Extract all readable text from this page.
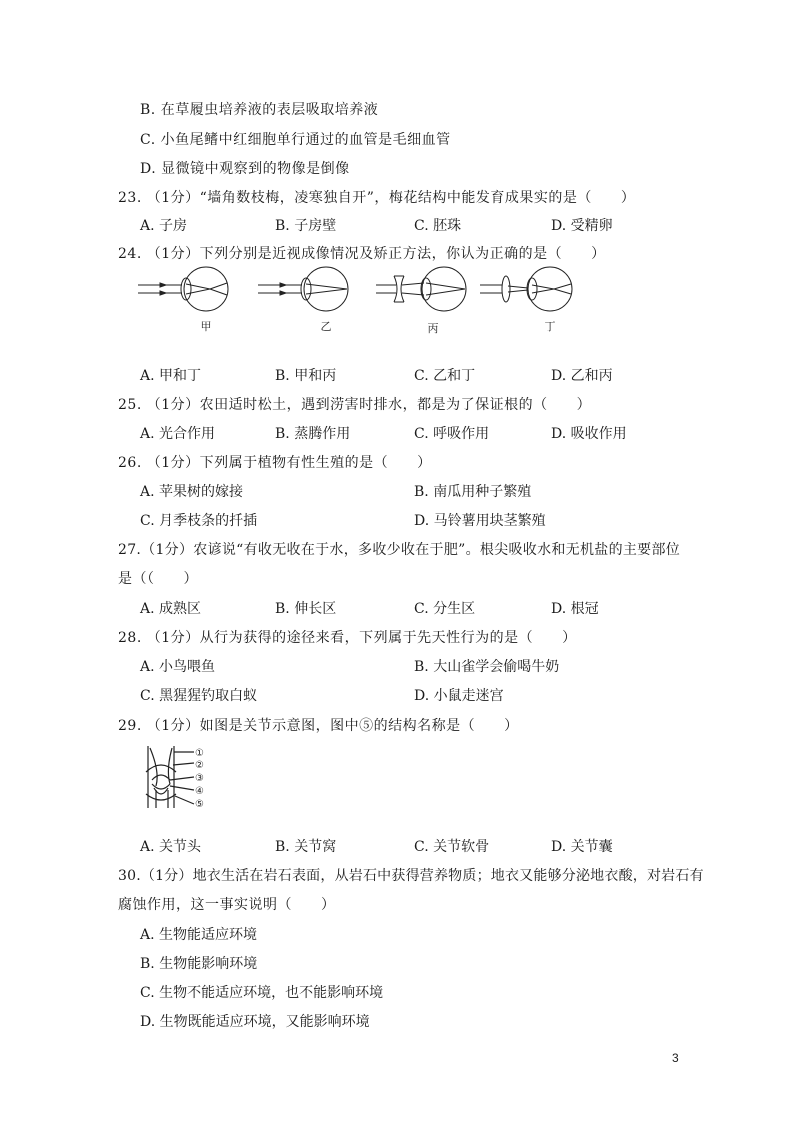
B. 在草履虫培养液的表层吸取培养液
C. 小鱼尾鳍中红细胞单行通过的血管是毛细血管
D. 显微镜中观察到的物像是倒像
23. （1分）“墙角数枝梅，凌寒独自开”，梅花结构中能发育成果实的是（　　）
A. 子房	B. 子房壁	C. 胚珠	D. 受精卵
24. （1分）下列分别是近视成像情况及矫正方法，你认为正确的是（　　）
甲	乙	丙	丁
A. 甲和丁	B. 甲和丙	C. 乙和丁	D. 乙和丙
25. （1分）农田适时松土，遇到涝害时排水，都是为了保证根的（　　）
A. 光合作用	B. 蒸腾作用	C. 呼吸作用	D. 吸收作用
26. （1分）下列属于植物有性生殖的是（　　）
A. 苹果树的嫁接	B. 南瓜用种子繁殖
C. 月季枝条的扦插	D. 马铃薯用块茎繁殖
27.（1分）农谚说“有收无收在于水，多收少收在于肥”。根尖吸收水和无机盐的主要部位
是（（　　）
A. 成熟区	B. 伸长区	C. 分生区	D. 根冠
28. （1分）从行为获得的途径来看，下列属于先天性行为的是（　　）
A. 小鸟喂鱼	B. 大山雀学会偷喝牛奶
C. 黑猩猩钓取白蚁	D. 小鼠走迷宫
29. （1分）如图是关节示意图，图中⑤的结构名称是（　　）
①
②
③
④
⑤
A. 关节头	B. 关节窝	C. 关节软骨	D. 关节囊
30.（1分）地衣生活在岩石表面，从岩石中获得营养物质；地衣又能够分泌地衣酸，对岩石有
腐蚀作用，这一事实说明（　　）
A. 生物能适应环境
B. 生物能影响环境
C. 生物不能适应环境，也不能影响环境
D. 生物既能适应环境，又能影响环境
3
